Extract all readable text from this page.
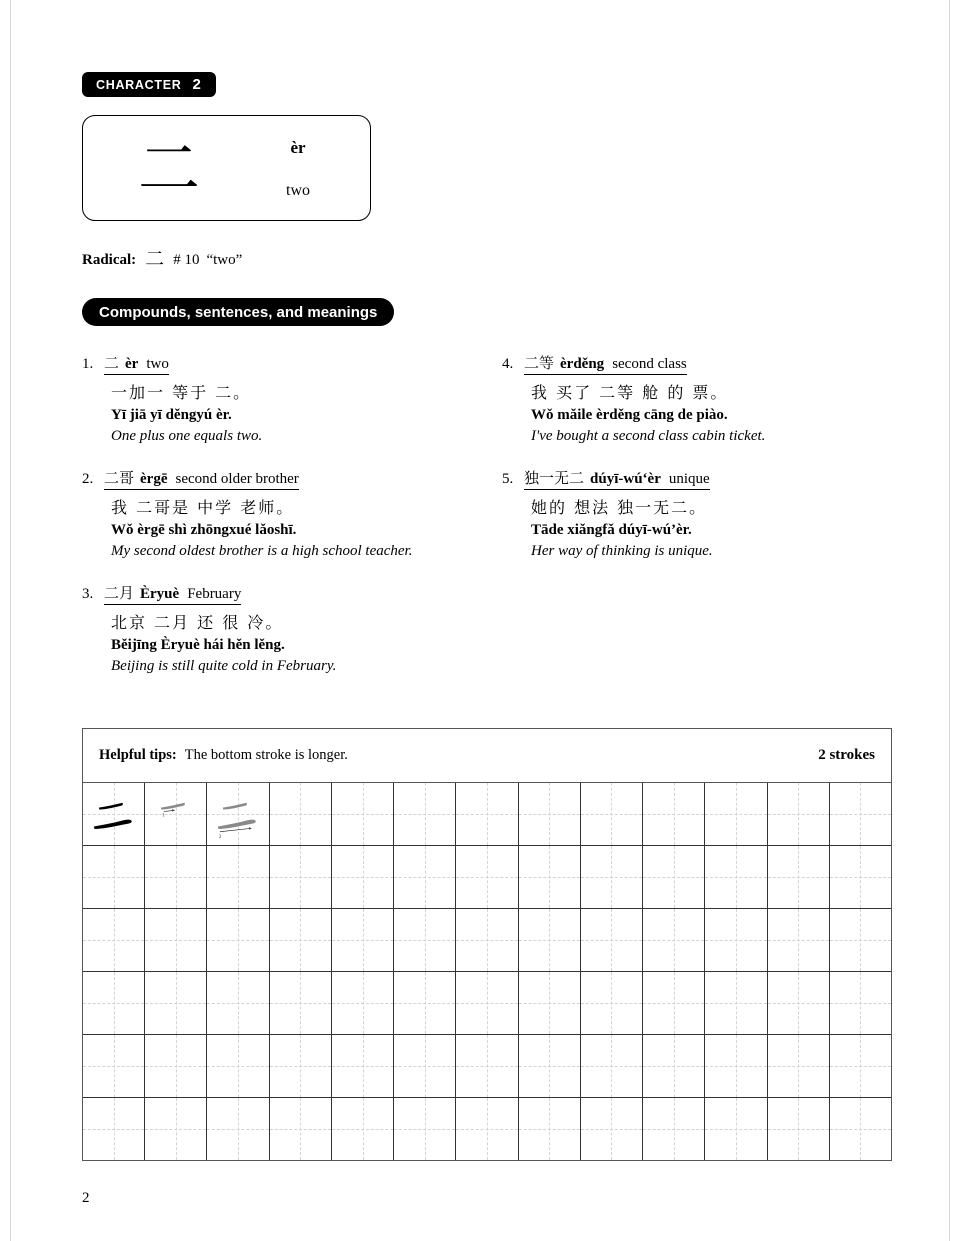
CHARACTER 2
二	èr
two
Radical: 二 # 10 “two”
Compounds, sentences, and meanings
1. 二 èr two
一加一 等于 二。
Yī jiā yī děngyú èr.
One plus one equals two.
2. 二哥 èrgē second older brother
我 二哥是 中学 老师。
Wǒ èrgē shì zhōngxué lǎoshī.
My second oldest brother is a high school teacher.
3. 二月 Èryuè February
北京 二月 还 很 冷。
Běijīng Èryuè hái hěn lěng.
Beijing is still quite cold in February.
4. 二等 èrděng second class
我 买了 二等 舱 的 票。
Wǒ mǎile èrděng cāng de piào.
I've bought a second class cabin ticket.
5. 独一无二 dúyī-wú‘èr unique
她的 想法 独一无二。
Tāde xiǎngfǎ dúyī-wú’èr.
Her way of thinking is unique.
Helpful tips: The bottom stroke is longer.	2 strokes
1
2
2
